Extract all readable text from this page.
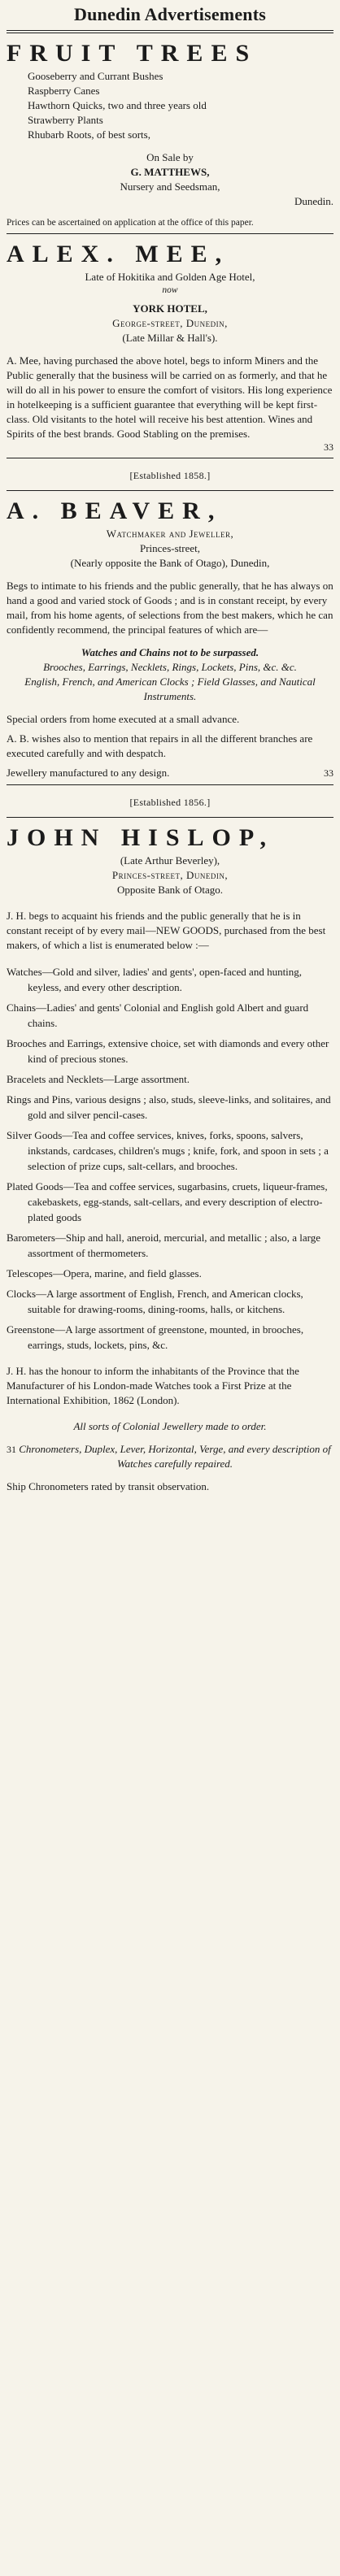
Dunedin Advertisements
FRUIT TREES

Gooseberry and Currant Bushes

Raspberry Canes

Hawthorn Quicks, two and three years old

Strawberry Plants

Rhubarb Roots, of best sorts,

On Sale by

G. MATTHEWS,

Nursery and Seedsman,

Dunedin.

Prices can be ascertained on application at the office of this paper.

ALEX. MEE,

Late of Hokitika and Golden Age Hotel,

now

YORK HOTEL,

George-street, Dunedin,

(Late Millar & Hall's).

A. Mee, having purchased the above hotel, begs to inform Miners and the Public generally that the business will be carried on as formerly, and that he will do all in his power to ensure the comfort of visitors. His long experience in hotelkeeping is a sufficient guarantee that everything will be kept first-class. Old visitants to the hotel will receive his best attention. Wines and Spirits of the best brands. Good Stabling on the premises.

33
[Established 1858.]
A. BEAVER,

Watchmaker and Jeweller,

Princes-street,

(Nearly opposite the Bank of Otago), Dunedin,

Begs to intimate to his friends and the public generally, that he has always on hand a good and varied stock of Goods ; and is in constant receipt, by every mail, from his home agents, of selections from the best makers, which he can confidently recommend, the principal features of which are—

Watches and Chains not to be surpassed.

Brooches, Earrings, Necklets, Rings, Lockets, Pins, &c. &c.

English, French, and American Clocks ; Field Glasses, and Nautical Instruments.

Special orders from home executed at a small advance.

A. B. wishes also to mention that repairs in all the different branches are executed carefully and with despatch.

Jewellery manufactured to any design.	33
[Established 1856.]
JOHN HISLOP,

(Late Arthur Beverley),

Princes-street, Dunedin,

Opposite Bank of Otago.

J. H. begs to acquaint his friends and the public generally that he is in constant receipt of by every mail—NEW GOODS, purchased from the best makers, of which a list is enumerated below :—

Watches—Gold and silver, ladies' and gents', open-faced and hunting, keyless, and every other description.

Chains—Ladies' and gents' Colonial and English gold Albert and guard chains.

Brooches and Earrings, extensive choice, set with diamonds and every other kind of precious stones.

Bracelets and Necklets—Large assortment.

Rings and Pins, various designs ; also, studs, sleeve-links, and solitaires, and gold and silver pencil-cases.

Silver Goods—Tea and coffee services, knives, forks, spoons, salvers, inkstands, cardcases, children's mugs ; knife, fork, and spoon in sets ; a selection of prize cups, salt-cellars, and brooches.

Plated Goods—Tea and coffee services, sugarbasins, cruets, liqueur-frames, cakebaskets, egg-stands, salt-cellars, and every description of electro-plated goods

Barometers—Ship and hall, aneroid, mercurial, and metallic ; also, a large assortment of thermometers.

Telescopes—Opera, marine, and field glasses.

Clocks—A large assortment of English, French, and American clocks, suitable for drawing-rooms, dining-rooms, halls, or kitchens.

Greenstone—A large assortment of greenstone, mounted, in brooches, earrings, studs, lockets, pins, &c.

J. H. has the honour to inform the inhabitants of the Province that the Manufacturer of his London-made Watches took a First Prize at the International Exhibition, 1862 (London).

All sorts of Colonial Jewellery made to order.

31 Chronometers, Duplex, Lever, Horizontal, Verge, and every description of Watches carefully repaired.

Ship Chronometers rated by transit observation.
